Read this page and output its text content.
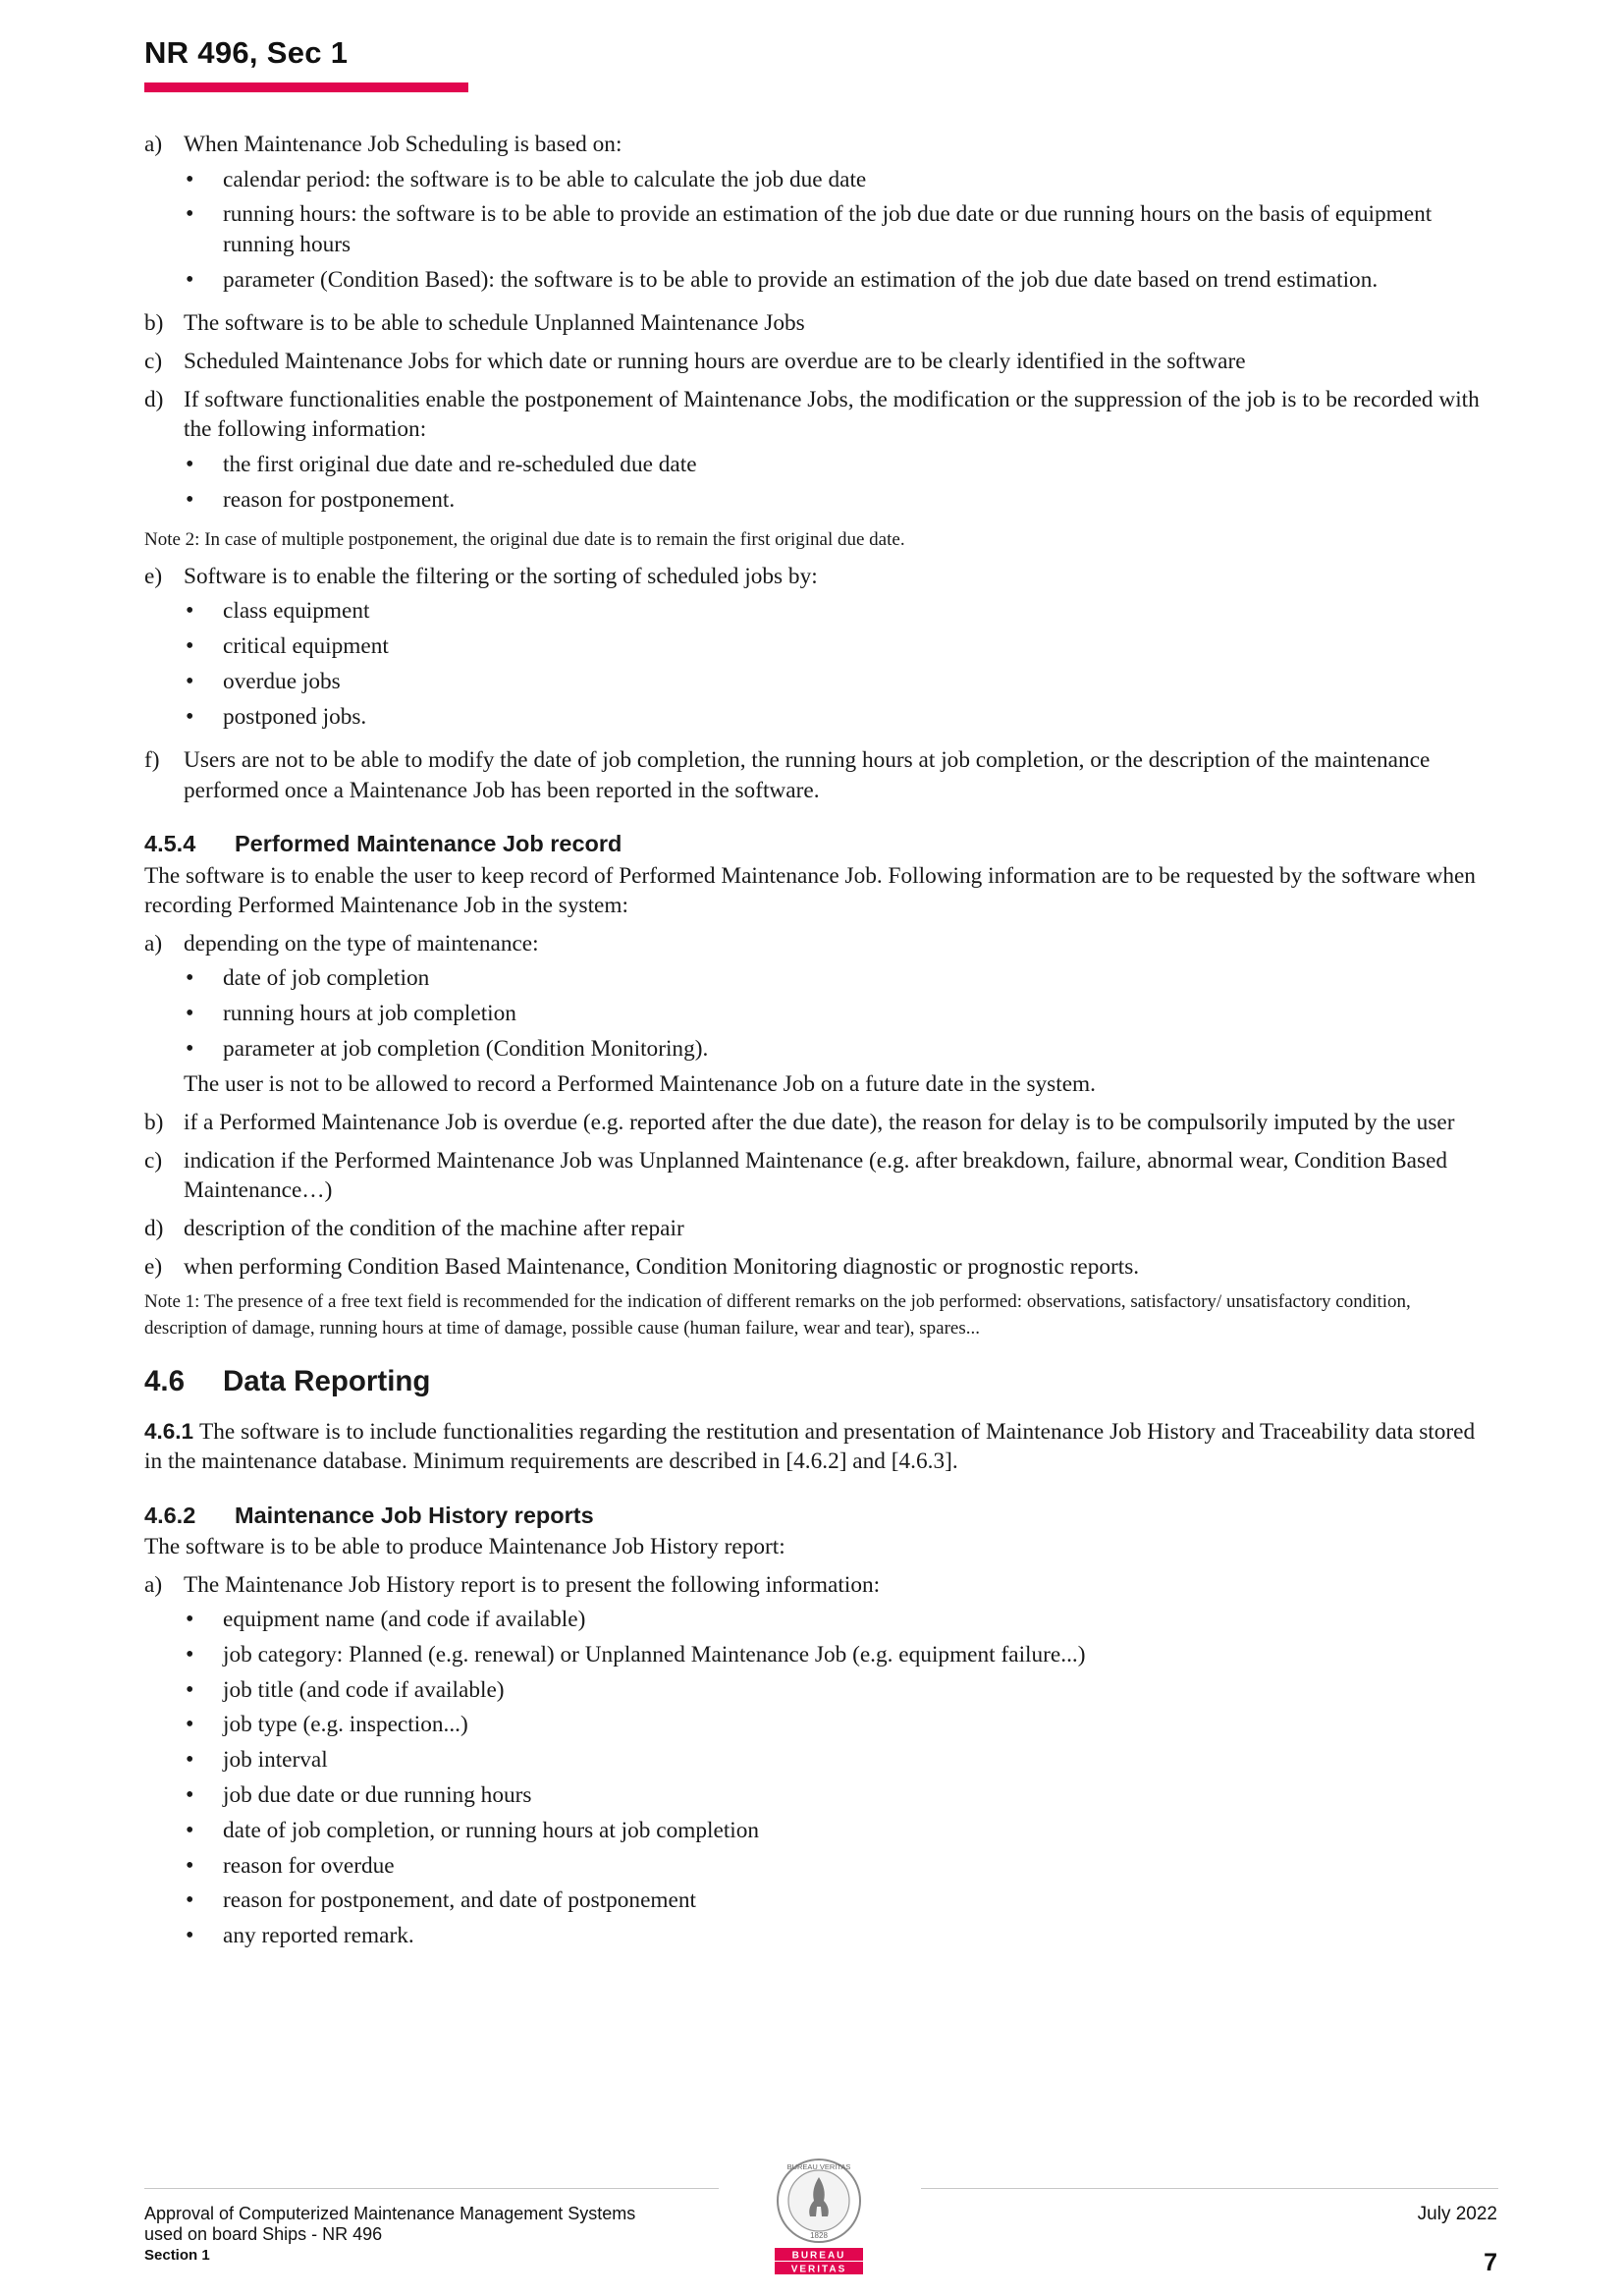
NR 496, Sec 1
a) When Maintenance Job Scheduling is based on:
• calendar period: the software is to be able to calculate the job due date
• running hours: the software is to be able to provide an estimation of the job due date or due running hours on the basis of equipment running hours
• parameter (Condition Based): the software is to be able to provide an estimation of the job due date based on trend estimation.
b) The software is to be able to schedule Unplanned Maintenance Jobs
c) Scheduled Maintenance Jobs for which date or running hours are overdue are to be clearly identified in the software
d) If software functionalities enable the postponement of Maintenance Jobs, the modification or the suppression of the job is to be recorded with the following information:
• the first original due date and re-scheduled due date
• reason for postponement.
Note 2: In case of multiple postponement, the original due date is to remain the first original due date.
e) Software is to enable the filtering or the sorting of scheduled jobs by:
• class equipment
• critical equipment
• overdue jobs
• postponed jobs.
f)	Users are not to be able to modify the date of job completion, the running hours at job completion, or the description of the maintenance performed once a Maintenance Job has been reported in the software.
4.5.4 Performed Maintenance Job record
The software is to enable the user to keep record of Performed Maintenance Job. Following information are to be requested by the software when recording Performed Maintenance Job in the system:
a) depending on the type of maintenance:
• date of job completion
• running hours at job completion
• parameter at job completion (Condition Monitoring).
The user is not to be allowed to record a Performed Maintenance Job on a future date in the system.
b) if a Performed Maintenance Job is overdue (e.g. reported after the due date), the reason for delay is to be compulsorily imputed by the user
c) indication if the Performed Maintenance Job was Unplanned Maintenance (e.g. after breakdown, failure, abnormal wear, Condition Based Maintenance…)
d) description of the condition of the machine after repair
e) when performing Condition Based Maintenance, Condition Monitoring diagnostic or prognostic reports.
Note 1: The presence of a free text field is recommended for the indication of different remarks on the job performed: observations, satisfactory/ unsatisfactory condition, description of damage, running hours at time of damage, possible cause (human failure, wear and tear), spares...
4.6 Data Reporting
4.6.1 The software is to include functionalities regarding the restitution and presentation of Maintenance Job History and Traceability data stored in the maintenance database. Minimum requirements are described in [4.6.2] and [4.6.3].
4.6.2 Maintenance Job History reports
The software is to be able to produce Maintenance Job History report:
a) The Maintenance Job History report is to present the following information:
• equipment name (and code if available)
• job category: Planned (e.g. renewal) or Unplanned Maintenance Job (e.g. equipment failure...)
• job title (and code if available)
• job type (e.g. inspection...)
• job interval
• job due date or due running hours
• date of job completion, or running hours at job completion
• reason for overdue
• reason for postponement, and date of postponement
• any reported remark.
Approval of Computerized Maintenance Management Systems
used on board Ships - NR 496
Section 1
BUREAU VERITAS
1828
BUREAU
VERITAS
July 2022
7
